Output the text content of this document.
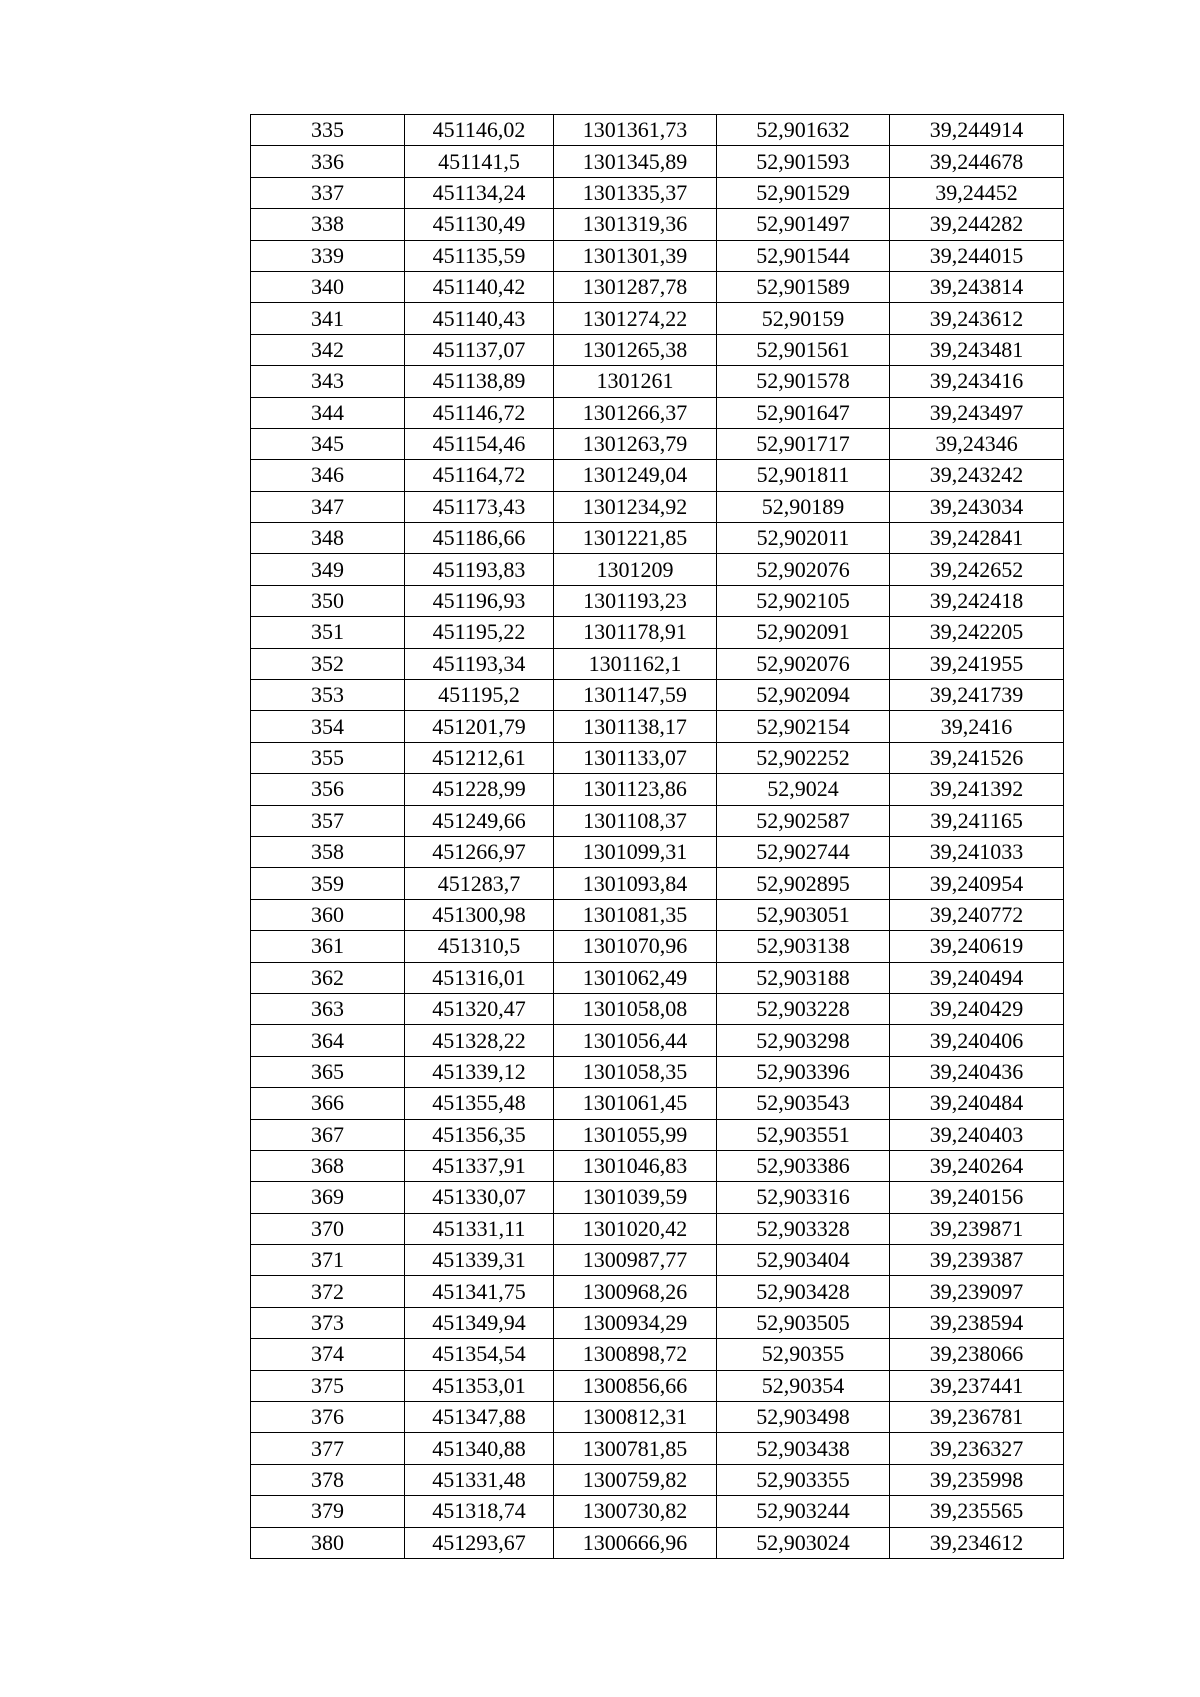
335	451146,02	1301361,73	52,901632	39,244914
336	451141,5	1301345,89	52,901593	39,244678
337	451134,24	1301335,37	52,901529	39,24452
338	451130,49	1301319,36	52,901497	39,244282
339	451135,59	1301301,39	52,901544	39,244015
340	451140,42	1301287,78	52,901589	39,243814
341	451140,43	1301274,22	52,90159	39,243612
342	451137,07	1301265,38	52,901561	39,243481
343	451138,89	1301261	52,901578	39,243416
344	451146,72	1301266,37	52,901647	39,243497
345	451154,46	1301263,79	52,901717	39,24346
346	451164,72	1301249,04	52,901811	39,243242
347	451173,43	1301234,92	52,90189	39,243034
348	451186,66	1301221,85	52,902011	39,242841
349	451193,83	1301209	52,902076	39,242652
350	451196,93	1301193,23	52,902105	39,242418
351	451195,22	1301178,91	52,902091	39,242205
352	451193,34	1301162,1	52,902076	39,241955
353	451195,2	1301147,59	52,902094	39,241739
354	451201,79	1301138,17	52,902154	39,2416
355	451212,61	1301133,07	52,902252	39,241526
356	451228,99	1301123,86	52,9024	39,241392
357	451249,66	1301108,37	52,902587	39,241165
358	451266,97	1301099,31	52,902744	39,241033
359	451283,7	1301093,84	52,902895	39,240954
360	451300,98	1301081,35	52,903051	39,240772
361	451310,5	1301070,96	52,903138	39,240619
362	451316,01	1301062,49	52,903188	39,240494
363	451320,47	1301058,08	52,903228	39,240429
364	451328,22	1301056,44	52,903298	39,240406
365	451339,12	1301058,35	52,903396	39,240436
366	451355,48	1301061,45	52,903543	39,240484
367	451356,35	1301055,99	52,903551	39,240403
368	451337,91	1301046,83	52,903386	39,240264
369	451330,07	1301039,59	52,903316	39,240156
370	451331,11	1301020,42	52,903328	39,239871
371	451339,31	1300987,77	52,903404	39,239387
372	451341,75	1300968,26	52,903428	39,239097
373	451349,94	1300934,29	52,903505	39,238594
374	451354,54	1300898,72	52,90355	39,238066
375	451353,01	1300856,66	52,90354	39,237441
376	451347,88	1300812,31	52,903498	39,236781
377	451340,88	1300781,85	52,903438	39,236327
378	451331,48	1300759,82	52,903355	39,235998
379	451318,74	1300730,82	52,903244	39,235565
380	451293,67	1300666,96	52,903024	39,234612
